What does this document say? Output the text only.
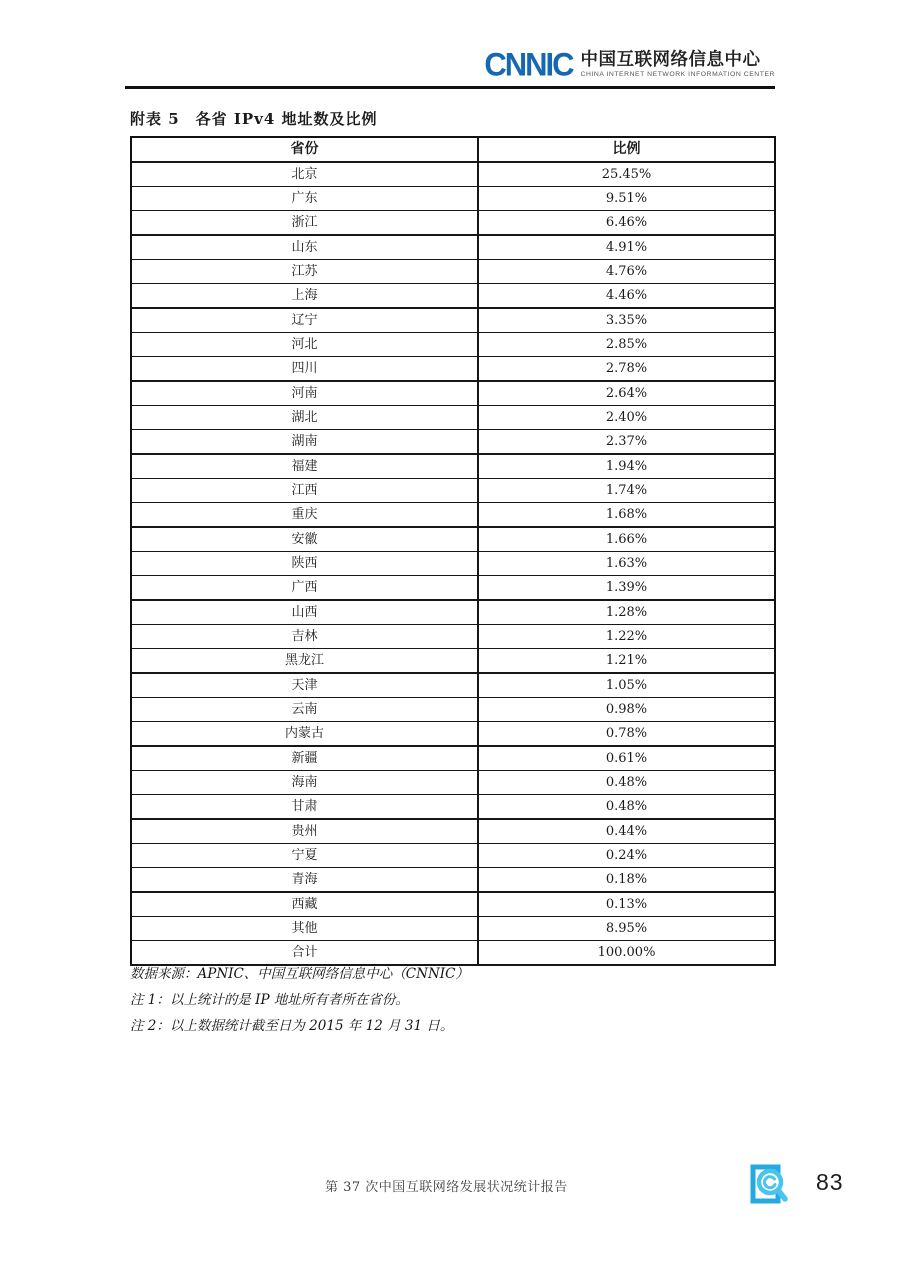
CNNIC 中国互联网络信息中心
CHINA INTERNET NETWORK INFORMATION CENTER
附表 5　各省 IPv4 地址数及比例
省份	比例
北京	25.45%
广东	9.51%
浙江	6.46%
山东	4.91%
江苏	4.76%
上海	4.46%
辽宁	3.35%
河北	2.85%
四川	2.78%
河南	2.64%
湖北	2.40%
湖南	2.37%
福建	1.94%
江西	1.74%
重庆	1.68%
安徽	1.66%
陕西	1.63%
广西	1.39%
山西	1.28%
吉林	1.22%
黑龙江	1.21%
天津	1.05%
云南	0.98%
内蒙古	0.78%
新疆	0.61%
海南	0.48%
甘肃	0.48%
贵州	0.44%
宁夏	0.24%
青海	0.18%
西藏	0.13%
其他	8.95%
合计	100.00%
数据来源：APNIC、中国互联网络信息中心（CNNIC）
注 1：以上统计的是 IP 地址所有者所在省份。
注 2：以上数据统计截至日为 2015 年 12 月 31 日。
第 37 次中国互联网络发展状况统计报告	83
